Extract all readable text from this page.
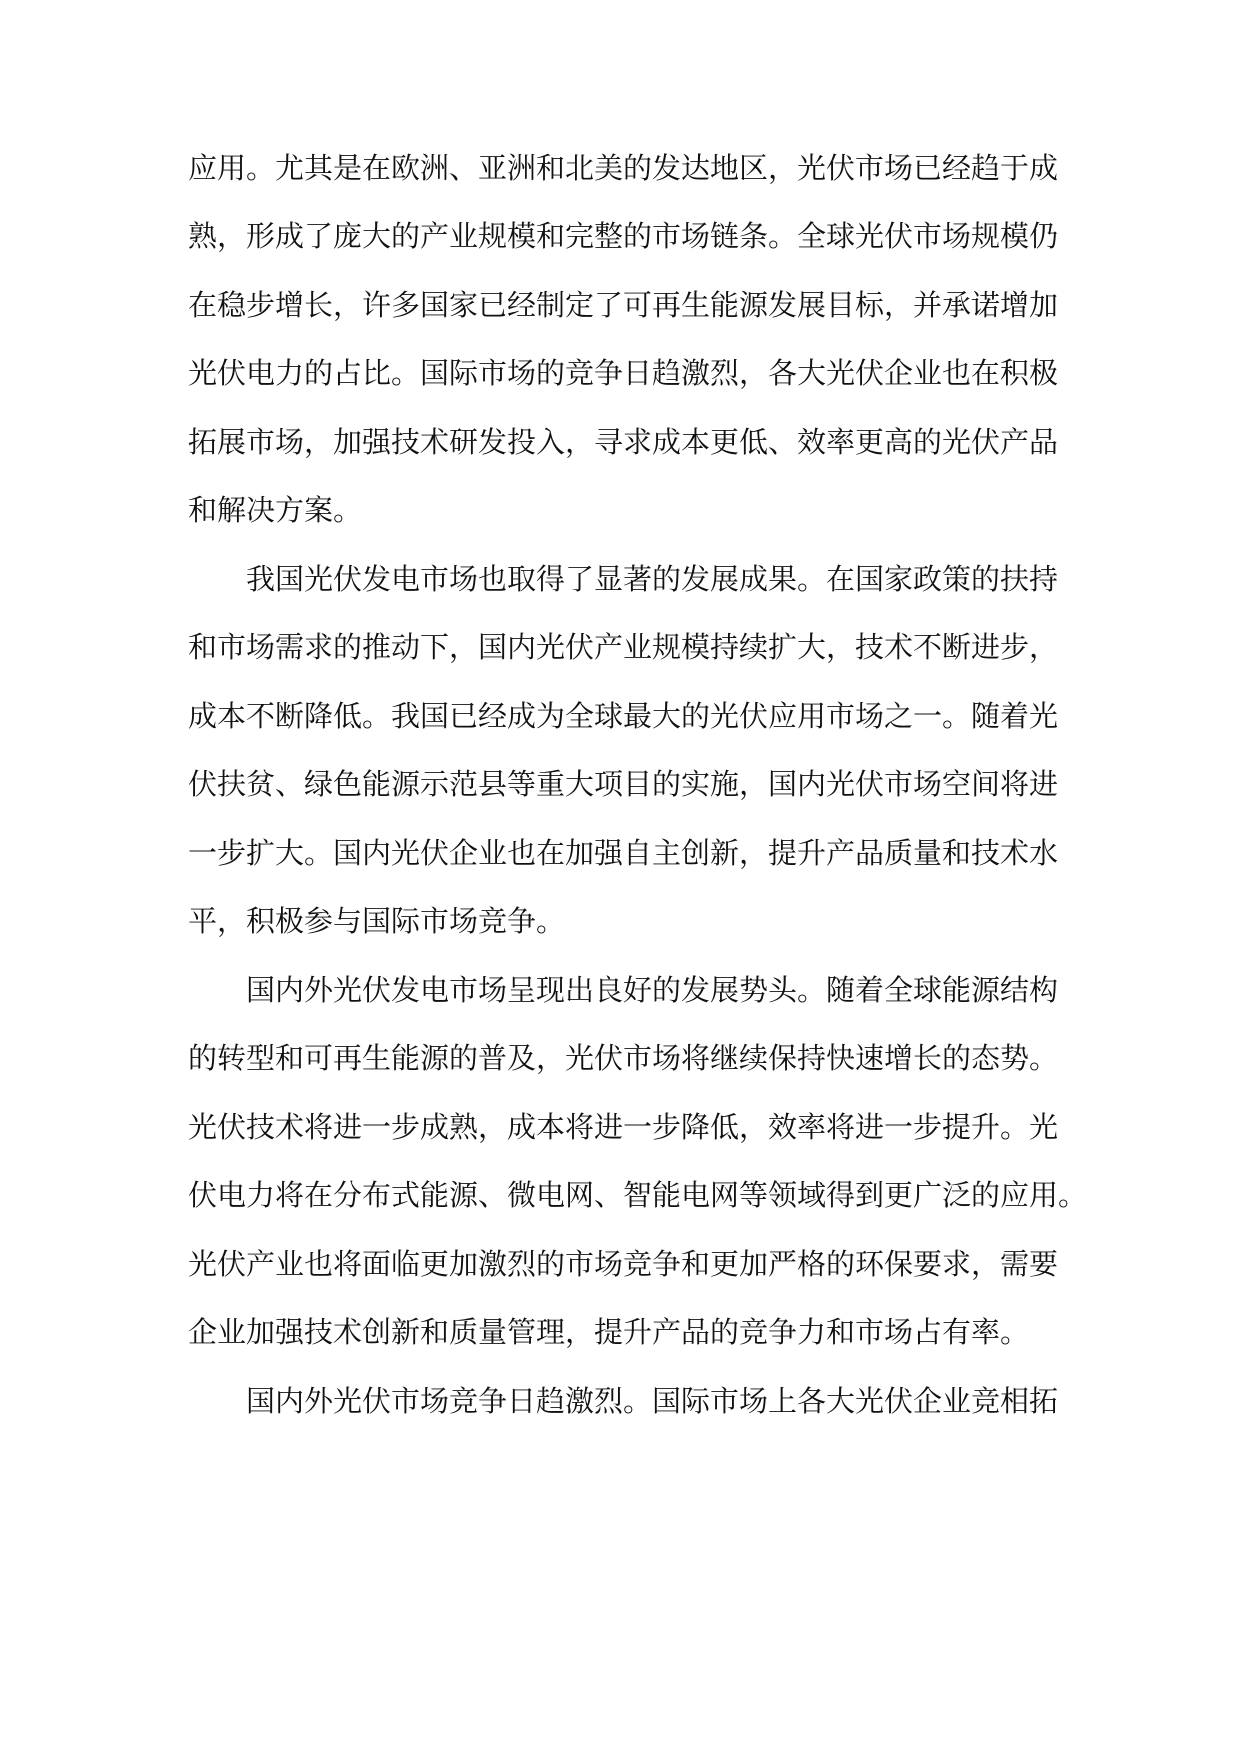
应用。尤其是在欧洲、亚洲和北美的发达地区，光伏市场已经趋于成
熟，形成了庞大的产业规模和完整的市场链条。全球光伏市场规模仍
在稳步增长，许多国家已经制定了可再生能源发展目标，并承诺增加
光伏电力的占比。国际市场的竞争日趋激烈，各大光伏企业也在积极
拓展市场，加强技术研发投入，寻求成本更低、效率更高的光伏产品
和解决方案。
我国光伏发电市场也取得了显著的发展成果。在国家政策的扶持
和市场需求的推动下，国内光伏产业规模持续扩大，技术不断进步，
成本不断降低。我国已经成为全球最大的光伏应用市场之一。随着光
伏扶贫、绿色能源示范县等重大项目的实施，国内光伏市场空间将进
一步扩大。国内光伏企业也在加强自主创新，提升产品质量和技术水
平，积极参与国际市场竞争。
国内外光伏发电市场呈现出良好的发展势头。随着全球能源结构
的转型和可再生能源的普及，光伏市场将继续保持快速增长的态势。
光伏技术将进一步成熟，成本将进一步降低，效率将进一步提升。光
伏电力将在分布式能源、微电网、智能电网等领域得到更广泛的应用。
光伏产业也将面临更加激烈的市场竞争和更加严格的环保要求，需要
企业加强技术创新和质量管理，提升产品的竞争力和市场占有率。
国内外光伏市场竞争日趋激烈。国际市场上各大光伏企业竞相拓
